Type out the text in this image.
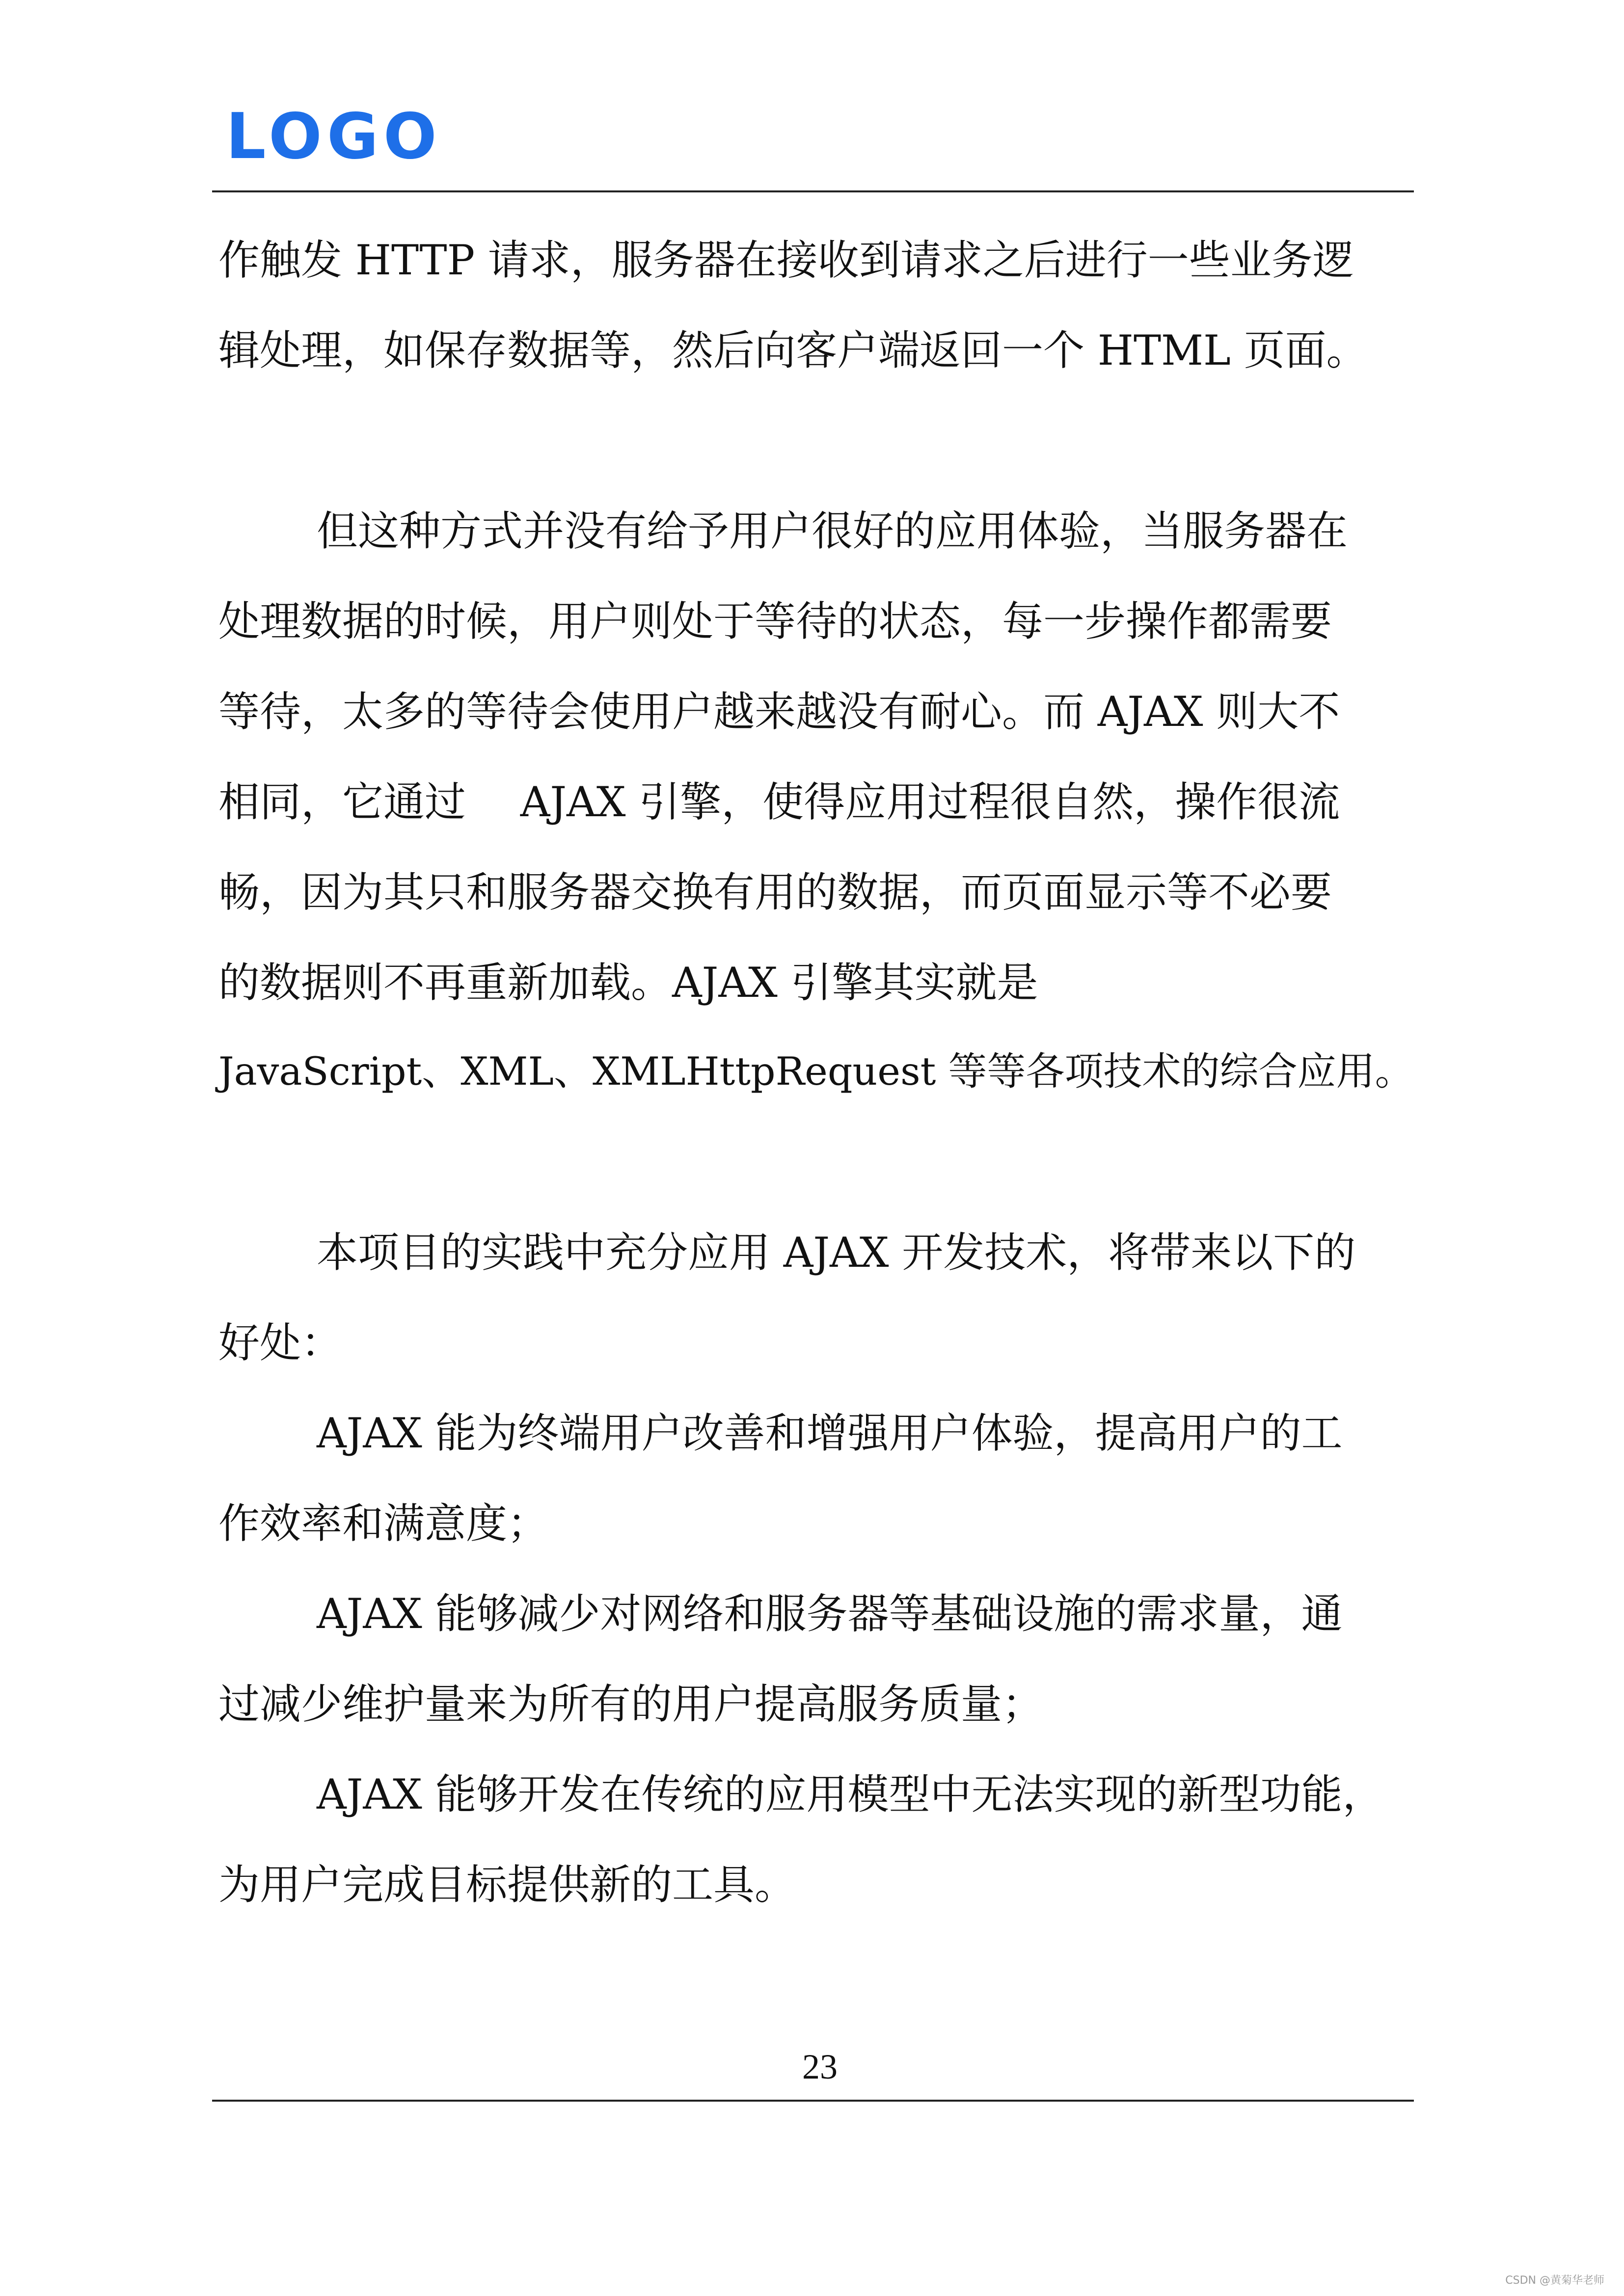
LOGO
作触发 HTTP 请求，服务器在接收到请求之后进行一些业务逻
辑处理，如保存数据等，然后向客户端返回一个 HTML 页面。
但这种方式并没有给予用户很好的应用体验，当服务器在
处理数据的时候，用户则处于等待的状态，每一步操作都需要
等待，太多的等待会使用户越来越没有耐心。而 AJAX 则大不
相同，它通过　 AJAX 引擎，使得应用过程很自然，操作很流
畅，因为其只和服务器交换有用的数据，而页面显示等不必要
的数据则不再重新加载。AJAX 引擎其实就是
JavaScript、XML、XMLHttpRequest 等等各项技术的综合应用。
本项目的实践中充分应用 AJAX 开发技术，将带来以下的
好处：
AJAX 能为终端用户改善和增强用户体验，提高用户的工
作效率和满意度；
AJAX 能够减少对网络和服务器等基础设施的需求量，通
过减少维护量来为所有的用户提高服务质量；
AJAX 能够开发在传统的应用模型中无法实现的新型功能，
为用户完成目标提供新的工具。
23
CSDN @黄菊华老师
